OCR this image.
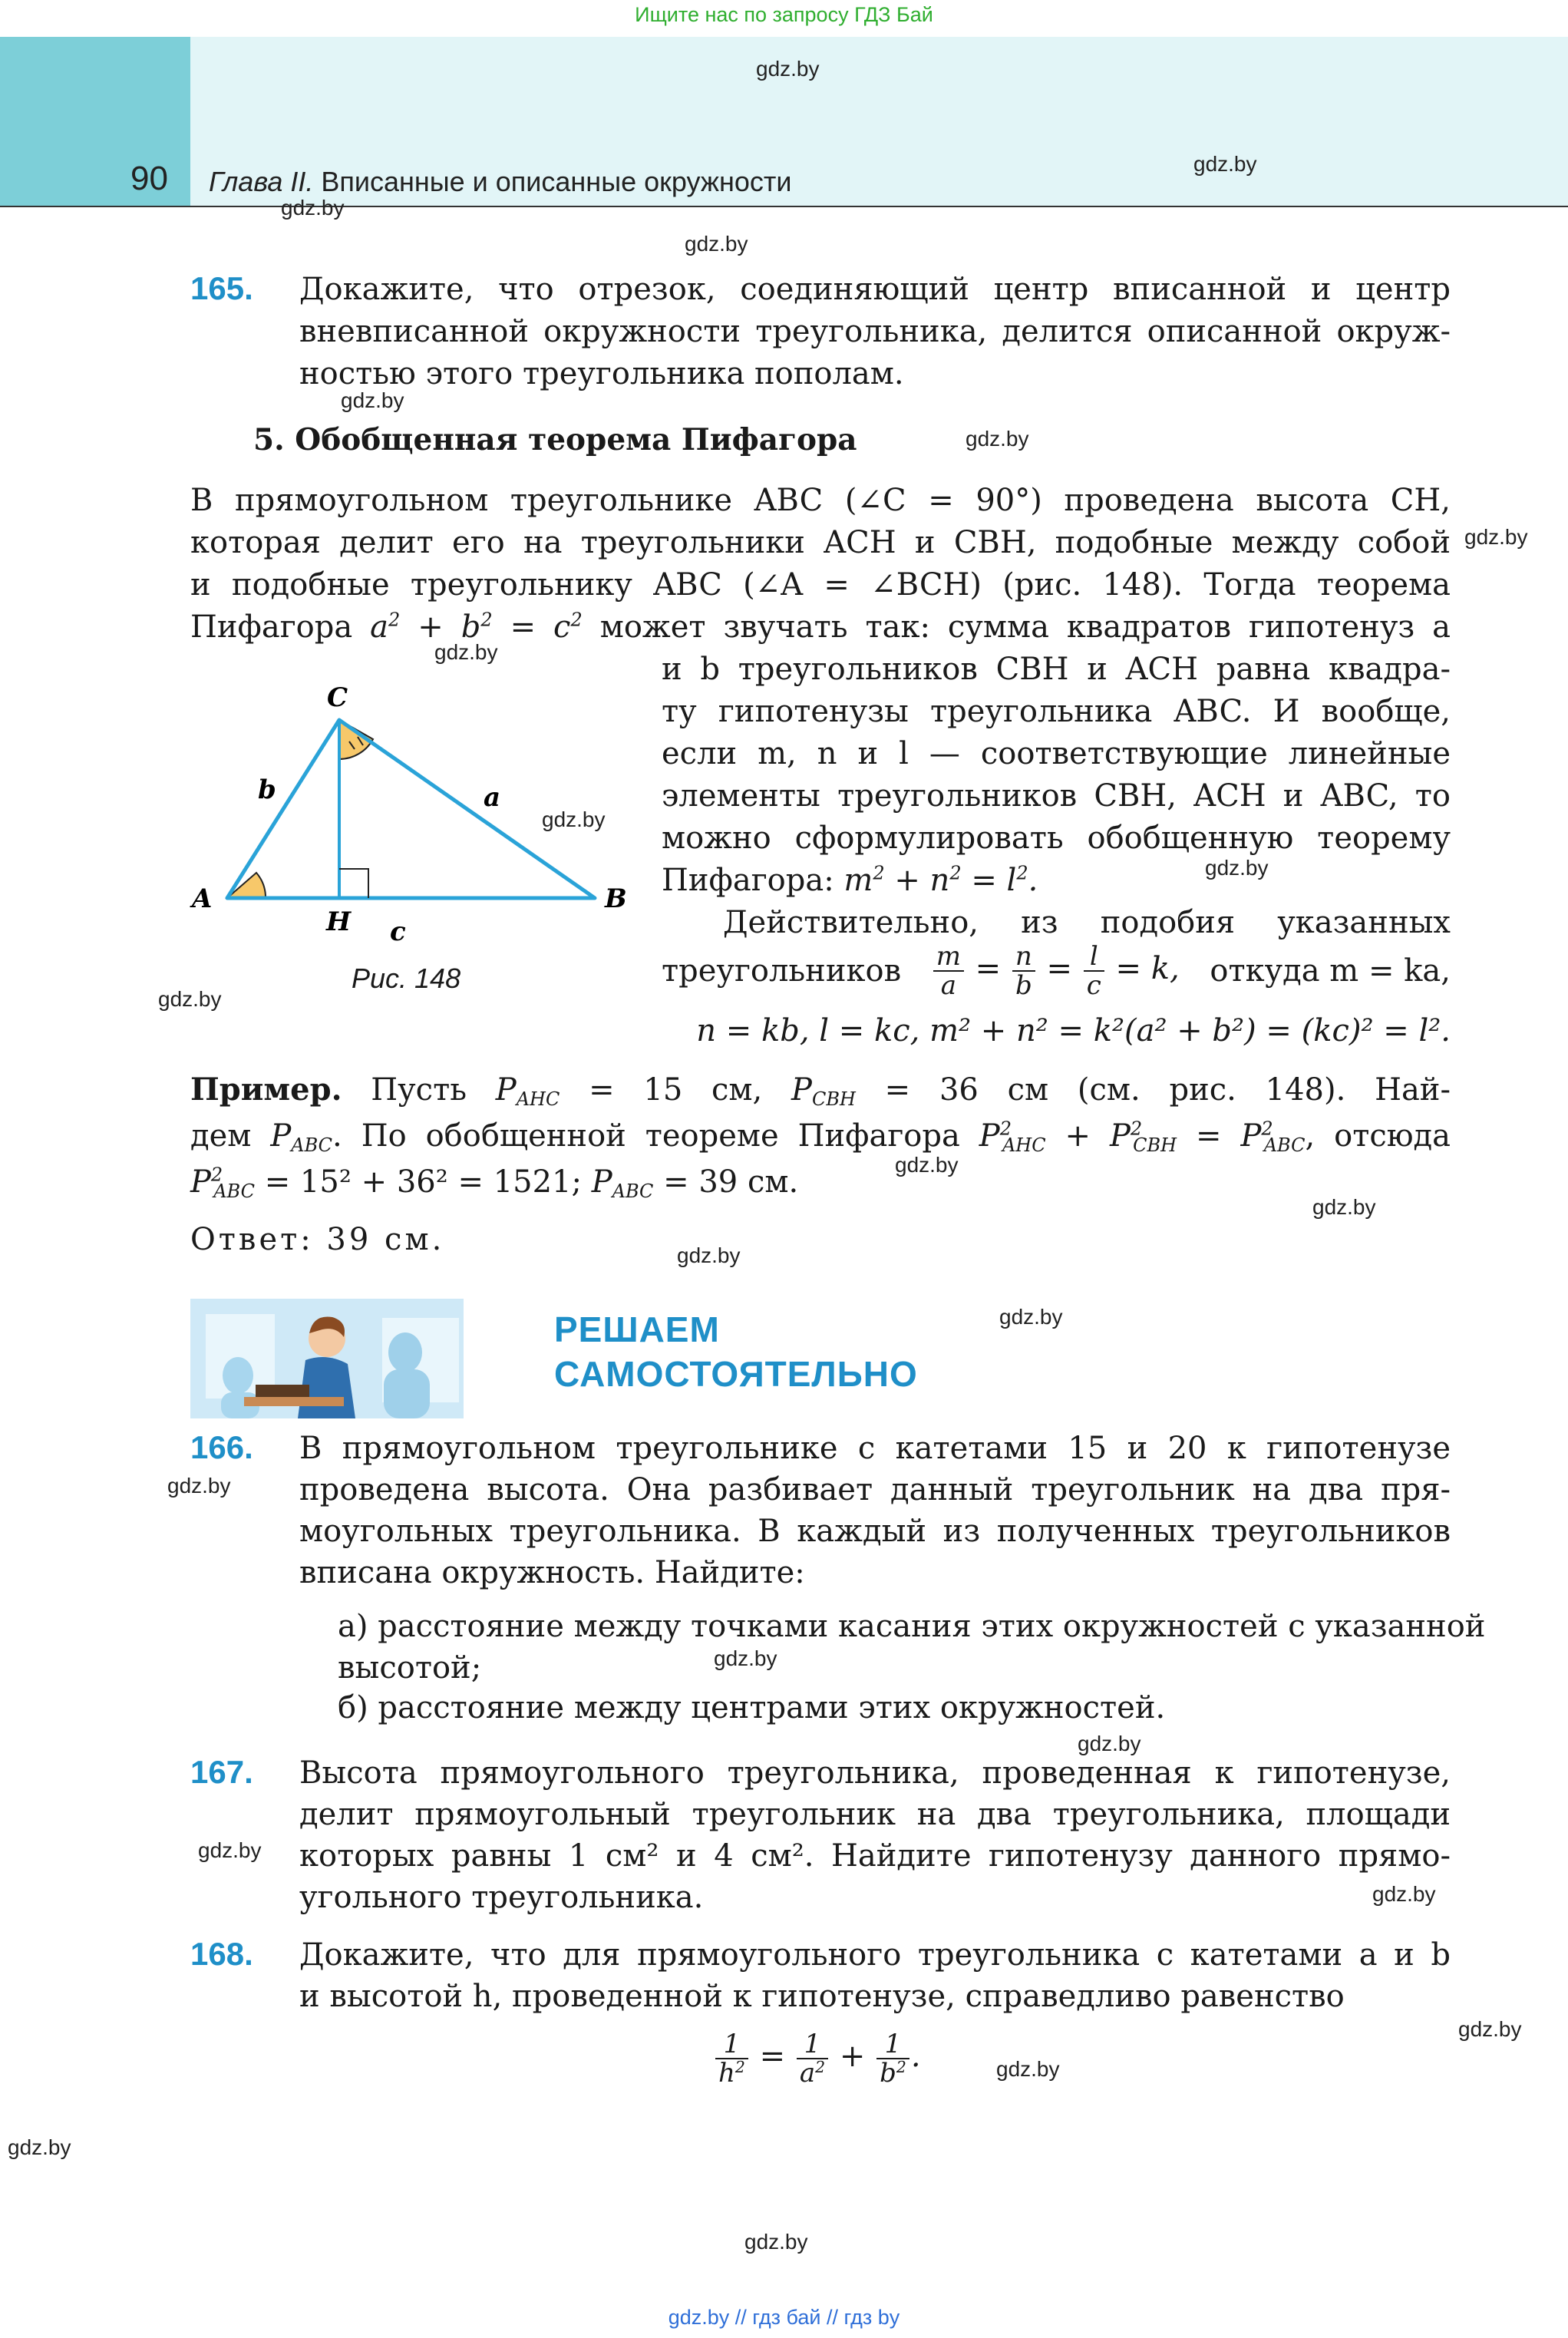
Ищите нас по запросу ГДЗ Бай
90 Глава II. Вписанные и описанные окружности
gdz.by
gdz.by
gdz.by
gdz.by
gdz.by
gdz.by
gdz.by
gdz.by
gdz.by
gdz.by
gdz.by
gdz.by
gdz.by
gdz.by
gdz.by
gdz.by
gdz.by
gdz.by
gdz.by
gdz.by
gdz.by
gdz.by
gdz.by
gdz.by
165. Докажите, что отрезок, соединяющий центр вписанной и центр
вневписанной окружности треугольника, делится описанной окруж-
ностью этого треугольника пополам.
5. Обобщенная теорема Пифагора
В прямоугольном треугольнике ABC (∠C = 90°) проведена высота CH,
которая делит его на треугольники ACH и CBH, подобные между собой
и подобные треугольнику ABC (∠A = ∠BCH) (рис. 148). Тогда теорема
Пифагора $a^2 + b^2 = c^2$ может звучать так: сумма квадратов гипотенуз a
и b треугольников CBH и ACH равна квадра-
ту гипотенузы треугольника ABC. И вообще,
если m, n и l — соответствующие линейные
элементы треугольников CBH, ACH и ABC, то
можно сформулировать обобщенную теорему
Пифагора: $m^2 + n^2 = l^2$.
Действительно, из подобия указанных
треугольников $\frac{m}{a} = \frac{n}{b} = \frac{l}{c} = k$, откуда m = ka,
n = kb, l = kc, m² + n² = k²(a² + b²) = (kc)² = l².
A	B
C
H
a
b
c
Рис. 148
Пример. Пусть $P_{AHC} = 15$ см, $P_{CBH} = 36$ см (см. рис. 148). Най-
дем $P_{ABC}$. По обобщенной теореме Пифагора $P^2_{AHC} + P^2_{CBH} = P^2_{ABC}$, отсюда
$P^2_{ABC} = 15^2 + 36^2 = 1521$; $P_{ABC} = 39$ см.
Ответ: 39 см.
РЕШАЕМ
САМОСТОЯТЕЛЬНО
166. В прямоугольном треугольнике с катетами 15 и 20 к гипотенузе
проведена высота. Она разбивает данный треугольник на два пря-
моугольных треугольника. В каждый из полученных треугольников
вписана окружность. Найдите:
а) расстояние между точками касания этих окружностей с указанной
высотой;
б) расстояние между центрами этих окружностей.
167. Высота прямоугольного треугольника, проведенная к гипотенузе,
делит прямоугольный треугольник на два треугольника, площади
которых равны 1 см² и 4 см². Найдите гипотенузу данного прямо-
угольного треугольника.
168. Докажите, что для прямоугольного треугольника с катетами a и b
и высотой h, проведенной к гипотенузе, справедливо равенство
$\frac{1}{h^2} = \frac{1}{a^2} + \frac{1}{b^2}$ .
gdz.by // гдз бай // гдз by
